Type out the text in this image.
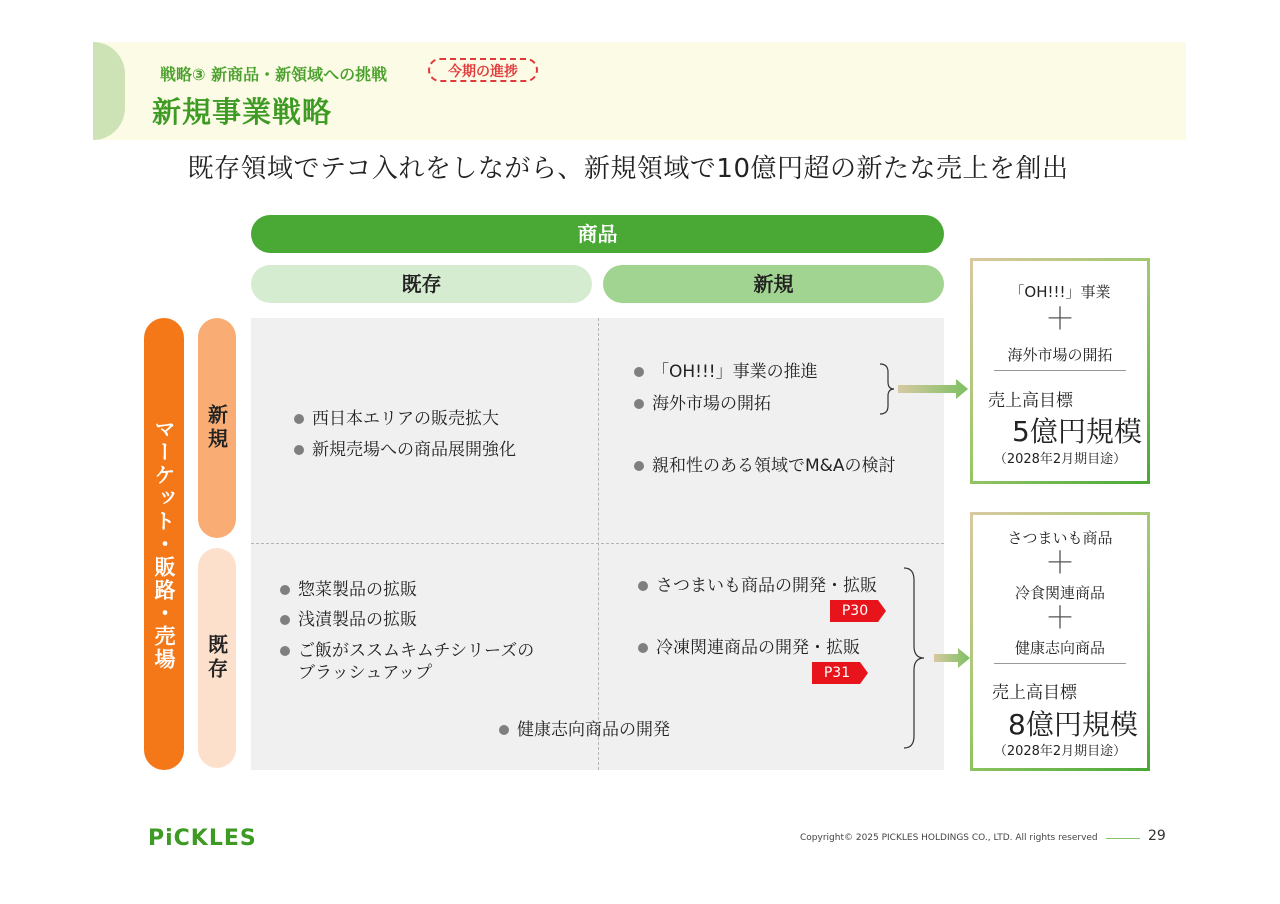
戦略③ 新商品・新領域への挑戦	今期の進捗
新規事業戦略
既存領域でテコ入れをしながら、新規領域で10億円超の新たな売上を創出
商品
既存	新規
マーケット・販路・売場	新規
既存
西日本エリアの販売拡大
新規売場への商品展開強化
「OH!!!」事業の推進
海外市場の開拓
親和性のある領域でM&Aの検討
惣菜製品の拡販
浅漬製品の拡販
ご飯がススムキムチシリーズの
ブラッシュアップ
さつまいも商品の開発・拡販
冷凍関連商品の開発・拡販
健康志向商品の開発
P30
P31
「OH!!!」事業
＋
海外市場の開拓
売上高目標
5億円規模
（2028年2月期目途）
さつまいも商品
＋
冷食関連商品
＋
健康志向商品
売上高目標
8億円規模
（2028年2月期目途）
PiCKLES	Copyright© 2025 PICKLES HOLDINGS CO., LTD. All rights reserved	29
